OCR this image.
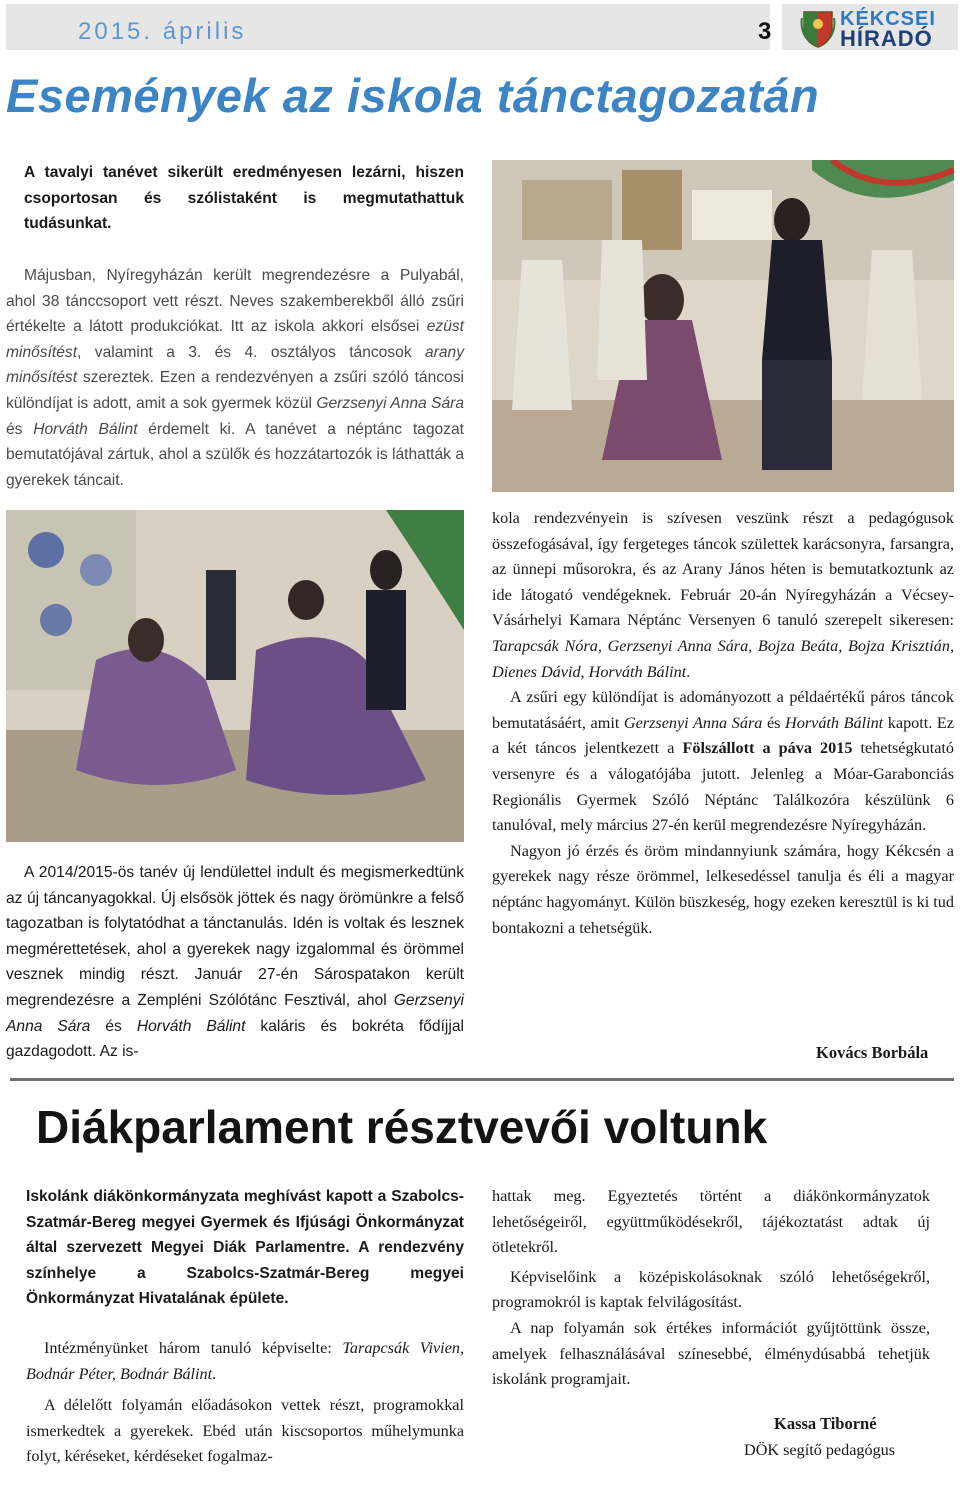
2015. április	3	KÉKCSEI
HÍRADÓ
Események az iskola tánctagozatán

A tavalyi tanévet sikerült eredményesen lezárni, hiszen csoportosan és szólistaként is megmutathattuk tudásunkat.

Májusban, Nyíregyházán került megrendezésre a Pulyabál, ahol 38 tánccsoport vett részt. Neves szakemberekből álló zsűri értékelte a látott produkciókat. Itt az iskola akkori elsősei ezüst minősítést, valamint a 3. és 4. osztályos táncosok arany minősítést szereztek. Ezen a rendezvényen a zsűri szóló táncosi különdíjat is adott, amit a sok gyermek közül Gerzsenyi Anna Sára és Horváth Bálint érdemelt ki. A tanévet a néptánc tagozat bemutatójával zártuk, ahol a szülők és hozzátartozók is láthatták a gyerekek táncait.

A 2014/2015-ös tanév új lendülettel indult és megismerkedtünk az új táncanyagokkal. Új elsősök jöttek és nagy örömünkre a felső tagozatban is folytatódhat a tánctanulás. Idén is voltak és lesznek megmérettetések, ahol a gyerekek nagy izgalommal és örömmel vesznek mindig részt. Január 27-én Sárospatakon került megrendezésre a Zempléni Szólótánc Fesztivál, ahol Gerzsenyi Anna Sára és Horváth Bálint kaláris és bokréta fődíjjal gazdagodott. Az is-

kola rendezvényein is szívesen veszünk részt a pedagógusok összefogásával, így fergeteges táncok születtek karácsonyra, farsangra, az ünnepi műsorokra, és az Arany János héten is bemutatkoztunk az ide látogató vendégeknek. Február 20-án Nyíregyházán a Vécsey-Vásárhelyi Kamara Néptánc Versenyen 6 tanuló szerepelt sikeresen: Tarapcsák Nóra, Gerzsenyi Anna Sára, Bojza Beáta, Bojza Krisztián, Dienes Dávid, Horváth Bálint.

A zsűri egy különdíjat is adományozott a példaértékű páros táncok bemutatásáért, amit Gerzsenyi Anna Sára és Horváth Bálint kapott. Ez a két táncos jelentkezett a Fölszállott a páva 2015 tehetségkutató versenyre és a válogatójába jutott. Jelenleg a Móar-Garabonciás Regionális Gyermek Szóló Néptánc Találkozóra készülünk 6 tanulóval, mely március 27-én kerül megrendezésre Nyíregyházán.

Nagyon jó érzés és öröm mindannyiunk számára, hogy Kékcsén a gyerekek nagy része örömmel, lelkesedéssel tanulja és éli a magyar néptánc hagyományt. Külön büszkeség, hogy ezeken keresztül is ki tud bontakozni a tehetségük.

Kovács Borbála
Diákparlament résztvevői voltunk

Iskolánk diákönkormányzata meghívást kapott a Szabolcs-Szatmár-Bereg megyei Gyermek és Ifjúsági Önkormányzat által szervezett Megyei Diák Parlamentre. A rendezvény színhelye a Szabolcs-Szatmár-Bereg megyei Önkormányzat Hivatalának épülete.

Intézményünket három tanuló képviselte: Tarapcsák Vivien, Bodnár Péter, Bodnár Bálint.

A délelőtt folyamán előadásokon vettek részt, programokkal ismerkedtek a gyerekek. Ebéd után kiscsoportos műhelymunka folyt, kéréseket, kérdéseket fogalmaz-

hattak meg. Egyeztetés történt a diákönkormányzatok lehetőségeiről, együttműködésekről, tájékoztatást adtak új ötletekről.

Képviselőink a középiskolásoknak szóló lehetőségekről, programokról is kaptak felvilágosítást.

A nap folyamán sok értékes információt gyűjtöttünk össze, amelyek felhasználásával színesebbé, élménydúsabbá tehetjük iskolánk programjait.

Kassa Tiborné
DÖK segítő pedagógus
